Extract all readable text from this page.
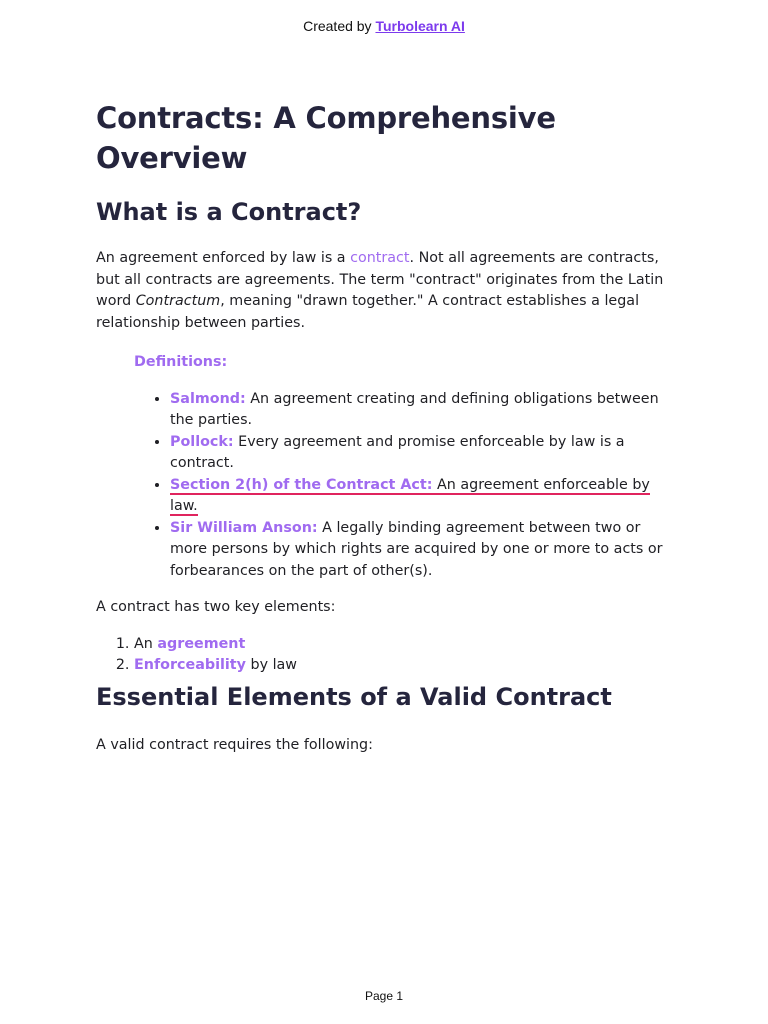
Created by Turbolearn AI
Contracts: A Comprehensive Overview
What is a Contract?

An agreement enforced by law is a contract. Not all agreements are contracts, but all contracts are agreements. The term "contract" originates from the Latin word Contractum, meaning "drawn together." A contract establishes a legal relationship between parties.

Definitions:
• Salmond: An agreement creating and defining obligations between the parties.
• Pollock: Every agreement and promise enforceable by law is a contract.
• Section 2(h) of the Contract Act: An agreement enforceable by law.
• Sir William Anson: A legally binding agreement between two or more persons by which rights are acquired by one or more to acts or forbearances on the part of other(s).

A contract has two key elements:

1. An agreement
2. Enforceability by law
Essential Elements of a Valid Contract

A valid contract requires the following:

Page 1
